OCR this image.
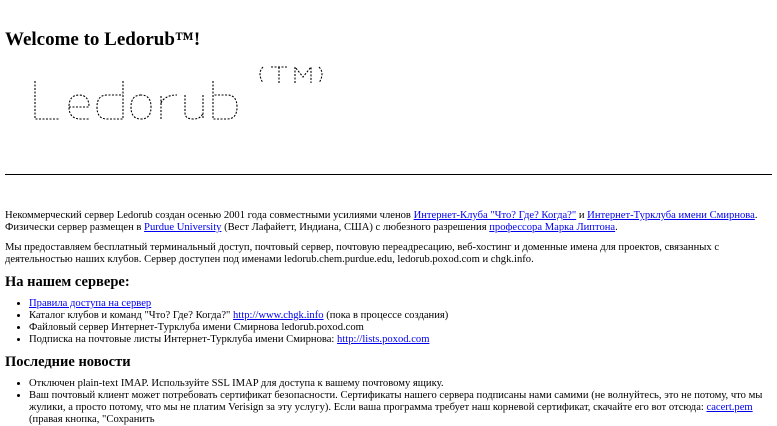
Welcome to Ledorub™!

Некоммерческий сервер Ledorub создан осенью 2001 года совместными усилиями членов Интернет-Клуба "Что? Где? Когда?" и Интернет-Турклуба имени Смирнова. Физически сервер размещен в Purdue University (Вест Лафайетт, Индиана, США) с любезного разрешения профессора Марка Липтона.

Мы предоставляем бесплатный терминальный доступ, почтовый сервер, почтовую переадресацию, веб-хостинг и доменные имена для проектов, связанных с деятельностью наших клубов. Сервер доступен под именами ledorub.chem.purdue.edu, ledorub.poxod.com и chgk.info.

На нашем сервере:
• Правила доступа на сервер
• Каталог клубов и команд "Что? Где? Когда?" http://www.chgk.info (пока в процессе создания)
• Файловый сервер Интернет-Турклуба имени Смирнова ledorub.poxod.com
• Подписка на почтовые листы Интернет-Турклуба имени Смирнова: http://lists.poxod.com
Последние новости
• Отключен plain-text IMAP. Используйте SSL IMAP для доступа к вашему почтовому ящику.
• Ваш почтовый клиент может потребовать сертификат безопасности. Сертификаты нашего сервера подписаны нами самими (не волнуйтесь, это не потому, что мы жулики, а просто потому, что мы не платим Verisign за эту услугу). Если ваша программа требует наш корневой сертификат, скачайте его вот отсюда: cacert.pem (правая кнопка, "Сохранить
